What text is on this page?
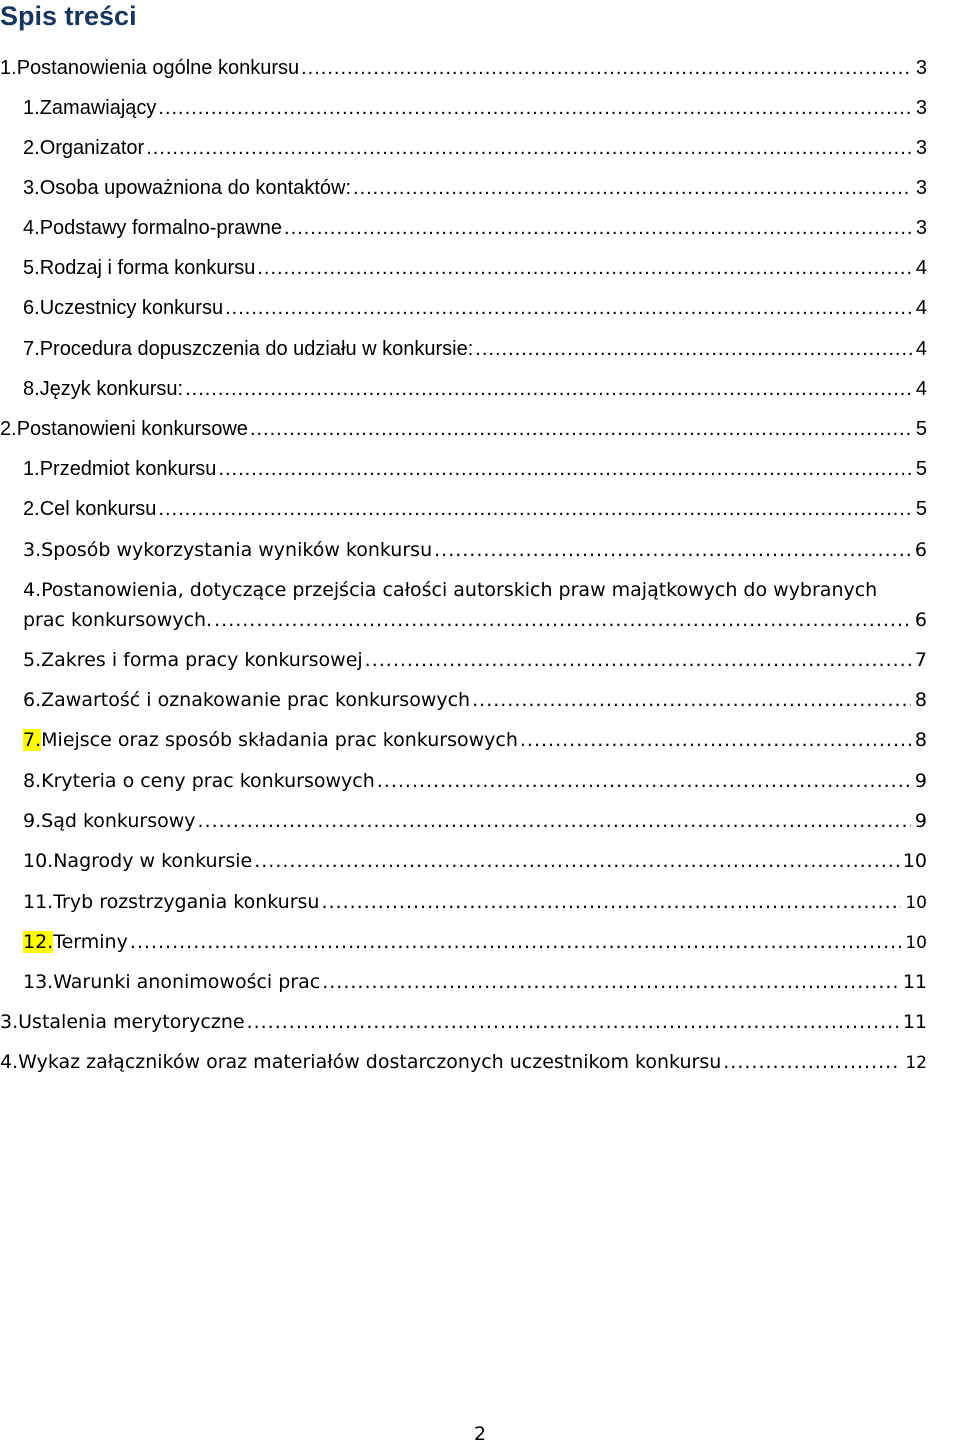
Spis treści
1.Postanowienia ogólne konkursu .....	3
1.Zamawiający .....	3
2.Organizator .....	3
3.Osoba upoważniona do kontaktów: .....	3
4.Podstawy formalno-prawne .....	3
5.Rodzaj i forma konkursu .....	4
6.Uczestnicy konkursu .....	4
7.Procedura dopuszczenia do udziału w konkursie: .....	4
8.Język konkursu: .....	4
2.Postanowieni konkursowe .....	5
1.Przedmiot konkursu .....	5
2.Cel konkursu .....	5
3.Sposób wykorzystania wyników konkursu .....	6
4.Postanowienia, dotyczące przejścia całości autorskich praw majątkowych do wybranych
prac konkursowych. .....	6
5.Zakres i forma pracy konkursowej .....	7
6.Zawartość i oznakowanie prac konkursowych .....	8
7.Miejsce oraz sposób składania prac konkursowych .....	8
8.Kryteria o ceny prac konkursowych .....	9
9.Sąd konkursowy .....	9
10.Nagrody w konkursie .....	10
11.Tryb rozstrzygania konkursu .....	10
12.Terminy .....	10
13.Warunki anonimowości prac .....	11
3.Ustalenia merytoryczne .....	11
4.Wykaz załączników oraz materiałów dostarczonych uczestnikom konkursu .....	12
2
